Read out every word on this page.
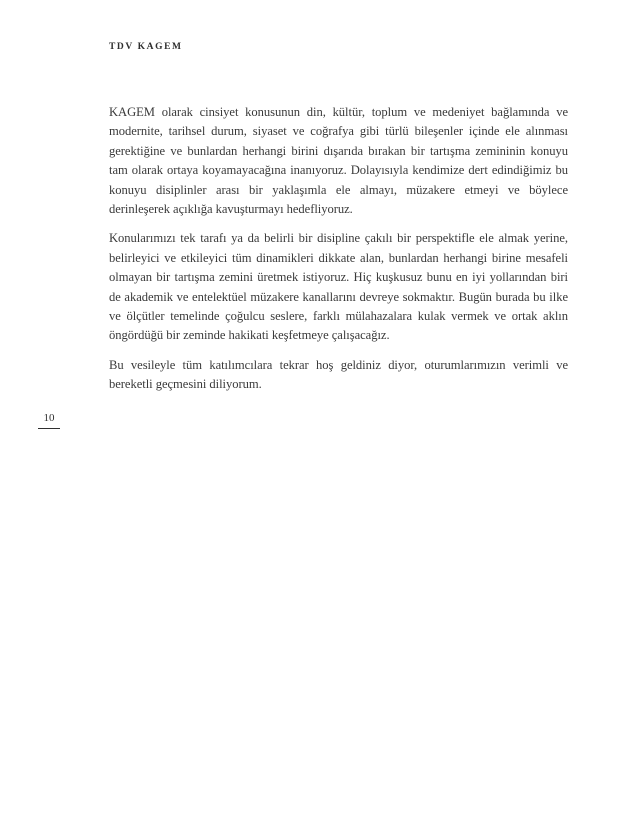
TDV KAGEM

KAGEM olarak cinsiyet konusunun din, kültür, toplum ve medeniyet bağlamında ve modernite, tarihsel durum, siyaset ve coğrafya gibi türlü bileşenler içinde ele alınması gerektiğine ve bunlardan herhangi birini dışarıda bırakan bir tartışma zemininin konuyu tam olarak ortaya koyamayacağına inanıyoruz. Dolayısıyla kendimize dert edindiğimiz bu konuyu disiplinler arası bir yaklaşımla ele almayı, müzakere etmeyi ve böylece derinleşerek açıklığa kavuşturmayı hedefliyoruz.

Konularımızı tek tarafı ya da belirli bir disipline çakılı bir perspektifle ele almak yerine, belirleyici ve etkileyici tüm dinamikleri dikkate alan, bunlardan herhangi birine mesafeli olmayan bir tartışma zemini üretmek istiyoruz. Hiç kuşkusuz bunu en iyi yollarından biri de akademik ve entelektüel müzakere kanallarını devreye sokmaktır. Bugün burada bu ilke ve ölçütler temelinde çoğulcu seslere, farklı mülahazalara kulak vermek ve ortak aklın öngördüğü bir zeminde hakikati keşfetmeye çalışacağız.

Bu vesileyle tüm katılımcılara tekrar hoş geldiniz diyor, oturumlarımızın verimli ve bereketli geçmesini diliyorum.

10
